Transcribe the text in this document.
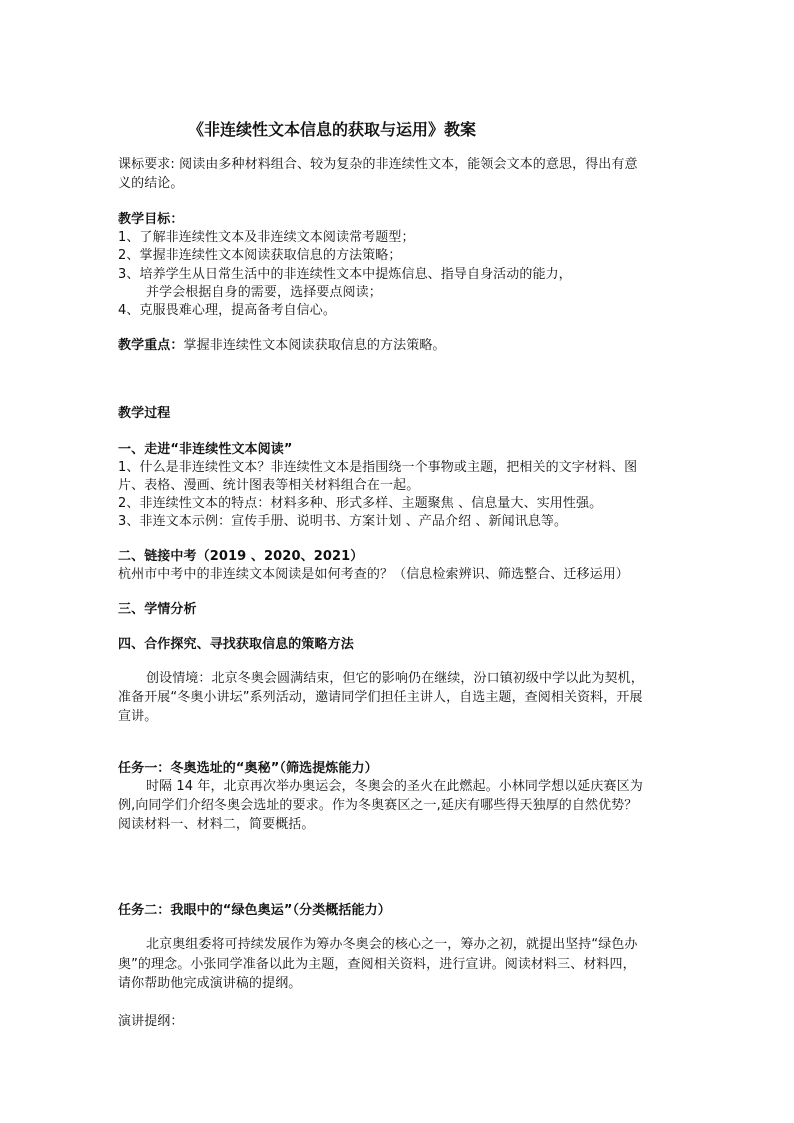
《非连续性文本信息的获取与运用》教案

课标要求: 阅读由多种材料组合、较为复杂的非连续性文本，能领会文本的意思，得出有意

义的结论。

教学目标：

1、了解非连续性文本及非连续文本阅读常考题型；

2、掌握非连续性文本阅读获取信息的方法策略；

3、培养学生从日常生活中的非连续性文本中提炼信息、指导自身活动的能力，

并学会根据自身的需要，选择要点阅读；

4、克服畏难心理，提高备考自信心。

教学重点：掌握非连续性文本阅读获取信息的方法策略。

教学过程

一、走进“非连续性文本阅读”

1、什么是非连续性文本？非连续性文本是指围绕一个事物或主题，把相关的文字材料、图

片、表格、漫画、统计图表等相关材料组合在一起。

2、非连续性文本的特点：材料多种、形式多样、主题聚焦 、信息量大、实用性强。

3、非连文本示例：宣传手册、说明书、方案计划 、产品介绍 、新闻讯息等。

二、链接中考（2019 、2020、2021）

杭州市中考中的非连续文本阅读是如何考查的？（信息检索辨识、筛选整合、迁移运用）

三、学情分析

四、合作探究、寻找获取信息的策略方法

创设情境：北京冬奥会圆满结束，但它的影响仍在继续，汾口镇初级中学以此为契机，

准备开展“冬奥小讲坛”系列活动，邀请同学们担任主讲人，自选主题，查阅相关资料，开展

宣讲。

任务一：冬奥选址的“奥秘”（筛选提炼能力）

时隔 14 年，北京再次举办奥运会，冬奥会的圣火在此燃起。小林同学想以延庆赛区为

例,向同学们介绍冬奥会选址的要求。作为冬奥赛区之一,延庆有哪些得天独厚的自然优势？

阅读材料一、材料二，简要概括。

任务二：我眼中的“绿色奥运”（分类概括能力）

北京奥组委将可持续发展作为筹办冬奥会的核心之一，筹办之初，就提出坚持“绿色办

奥”的理念。小张同学准备以此为主题，查阅相关资料，进行宣讲。阅读材料三、材料四，

请你帮助他完成演讲稿的提纲。

演讲提纲：
